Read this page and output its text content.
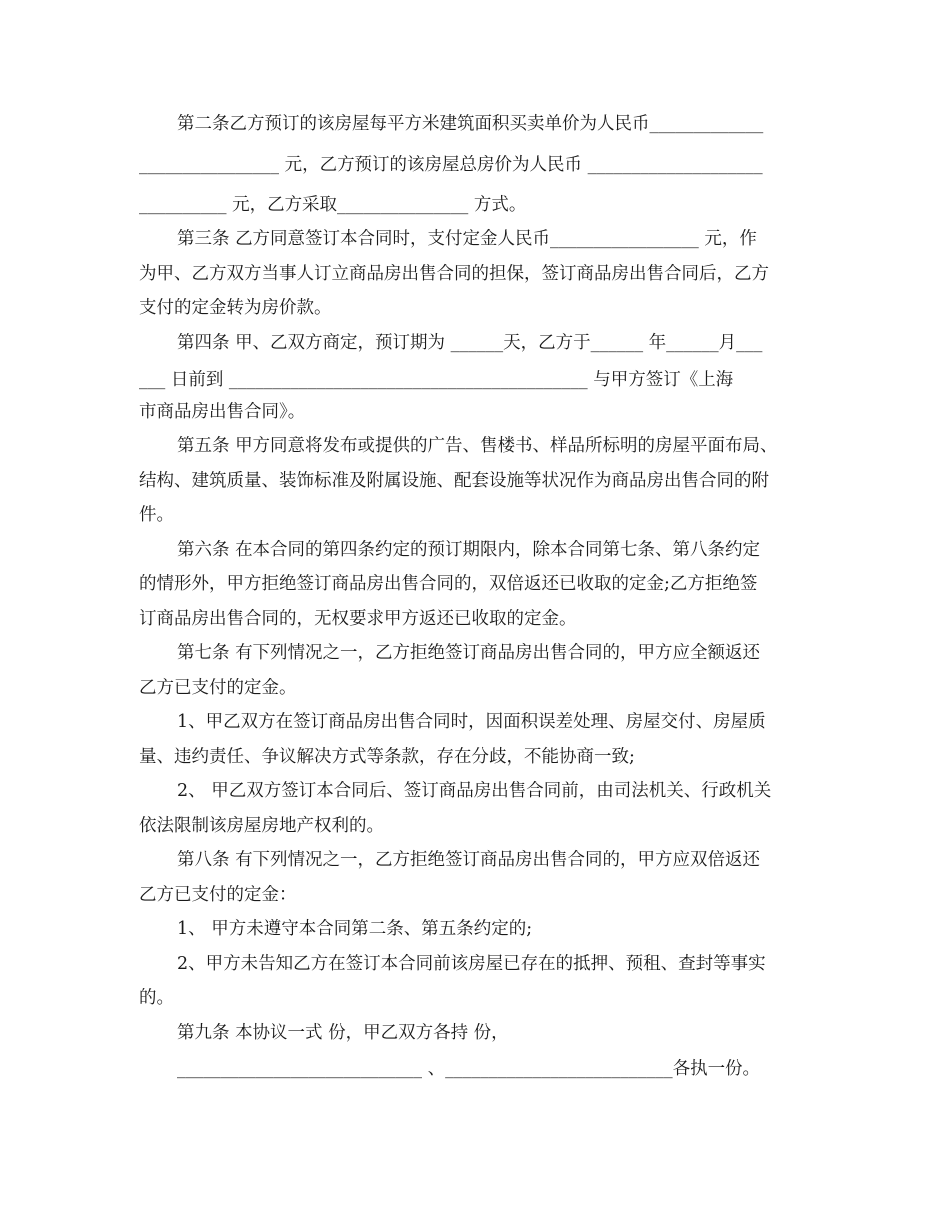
第二条乙方预订的该房屋每平方米建筑面积买卖单价为人民币_____________
________________ 元，乙方预订的该房屋总房价为人民币 ____________________
__________ 元，乙方采取_______________ 方式。
第三条 乙方同意签订本合同时，支付定金人民币_________________ 元，作
为甲、乙方双方当事人订立商品房出售合同的担保，签订商品房出售合同后，乙方
支付的定金转为房价款。
第四条 甲、乙双方商定，预订期为 ______天，乙方于______ 年______月___
___ 日前到 _________________________________________ 与甲方签订《上海
市商品房出售合同》。
第五条 甲方同意将发布或提供的广告、售楼书、样品所标明的房屋平面布局、
结构、建筑质量、装饰标准及附属设施、配套设施等状况作为商品房出售合同的附
件。
第六条 在本合同的第四条约定的预订期限内，除本合同第七条、第八条约定
的情形外，甲方拒绝签订商品房出售合同的，双倍返还已收取的定金;乙方拒绝签
订商品房出售合同的，无权要求甲方返还已收取的定金。
第七条 有下列情况之一，乙方拒绝签订商品房出售合同的，甲方应全额返还
乙方已支付的定金。
1、甲乙双方在签订商品房出售合同时，因面积误差处理、房屋交付、房屋质
量、违约责任、争议解决方式等条款，存在分歧，不能协商一致;
2、 甲乙双方签订本合同后、签订商品房出售合同前，由司法机关、行政机关
依法限制该房屋房地产权利的。
第八条 有下列情况之一，乙方拒绝签订商品房出售合同的，甲方应双倍返还
乙方已支付的定金：
1、 甲方未遵守本合同第二条、第五条约定的;
2、甲方未告知乙方在签订本合同前该房屋已存在的抵押、预租、查封等事实
的。
第九条 本协议一式 份，甲乙双方各持 份，
____________________________ 、__________________________各执一份。
